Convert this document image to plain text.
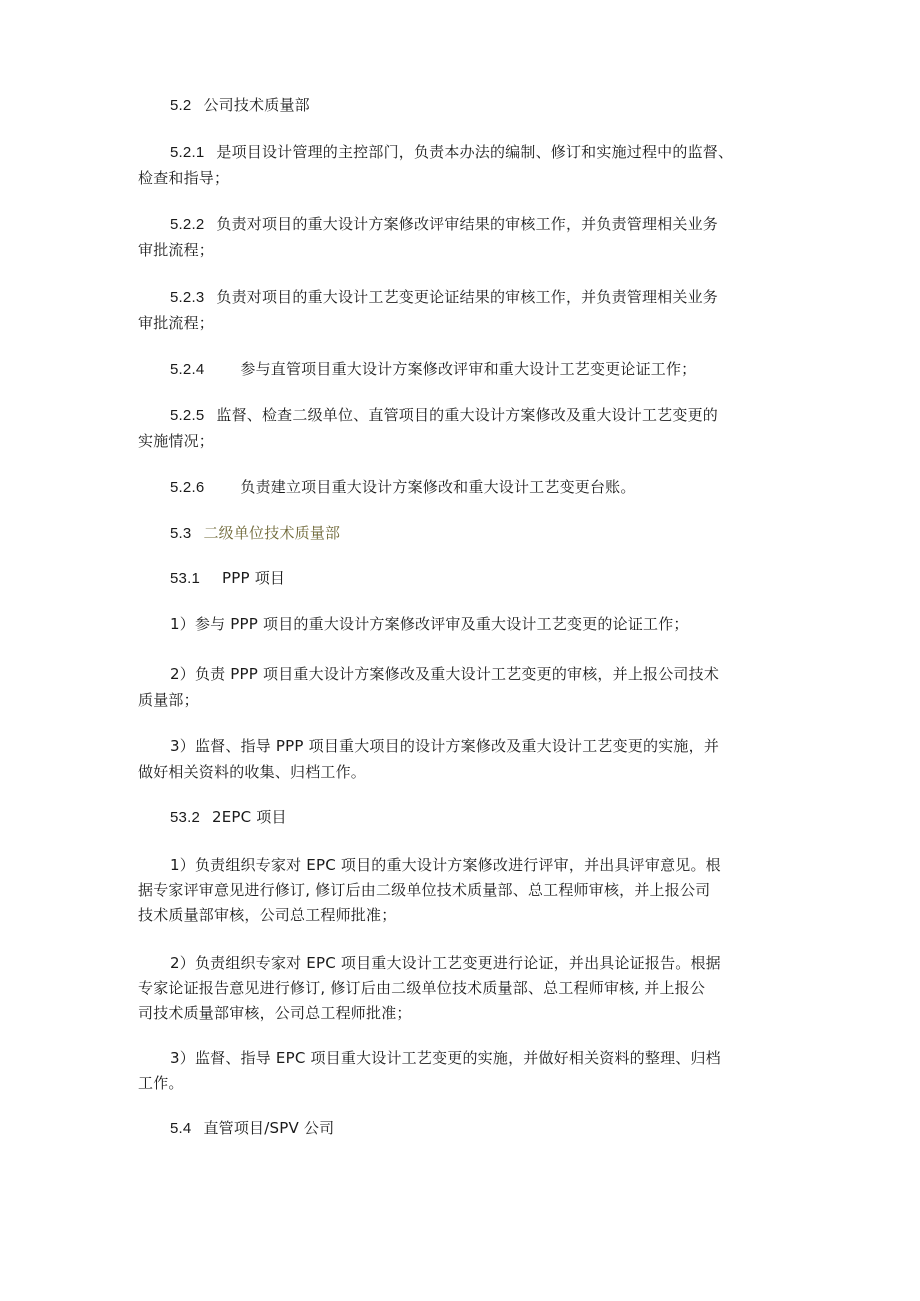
5.2 公司技术质量部
5.2.1 是项目设计管理的主控部门，负责本办法的编制、修订和实施过程中的监督、
检查和指导；
5.2.2 负责对项目的重大设计方案修改评审结果的审核工作，并负责管理相关业务
审批流程；
5.2.3 负责对项目的重大设计工艺变更论证结果的审核工作，并负责管理相关业务
审批流程；
5.2.4 参与直管项目重大设计方案修改评审和重大设计工艺变更论证工作；
5.2.5 监督、检查二级单位、直管项目的重大设计方案修改及重大设计工艺变更的
实施情况；
5.2.6 负责建立项目重大设计方案修改和重大设计工艺变更台账。
5.3 二级单位技术质量部
53.1 PPP 项目
1）参与 PPP 项目的重大设计方案修改评审及重大设计工艺变更的论证工作；
2）负责 PPP 项目重大设计方案修改及重大设计工艺变更的审核，并上报公司技术
质量部；
3）监督、指导 PPP 项目重大项目的设计方案修改及重大设计工艺变更的实施，并
做好相关资料的收集、归档工作。
53.2 2EPC 项目
1）负责组织专家对 EPC 项目的重大设计方案修改进行评审，并出具评审意见。根
据专家评审意见进行修订, 修订后由二级单位技术质量部、总工程师审核，并上报公司
技术质量部审核，公司总工程师批准；
2）负责组织专家对 EPC 项目重大设计工艺变更进行论证，并出具论证报告。根据
专家论证报告意见进行修订, 修订后由二级单位技术质量部、总工程师审核, 并上报公
司技术质量部审核，公司总工程师批准；
3）监督、指导 EPC 项目重大设计工艺变更的实施，并做好相关资料的整理、归档
工作。
5.4 直管项目/SPV 公司
